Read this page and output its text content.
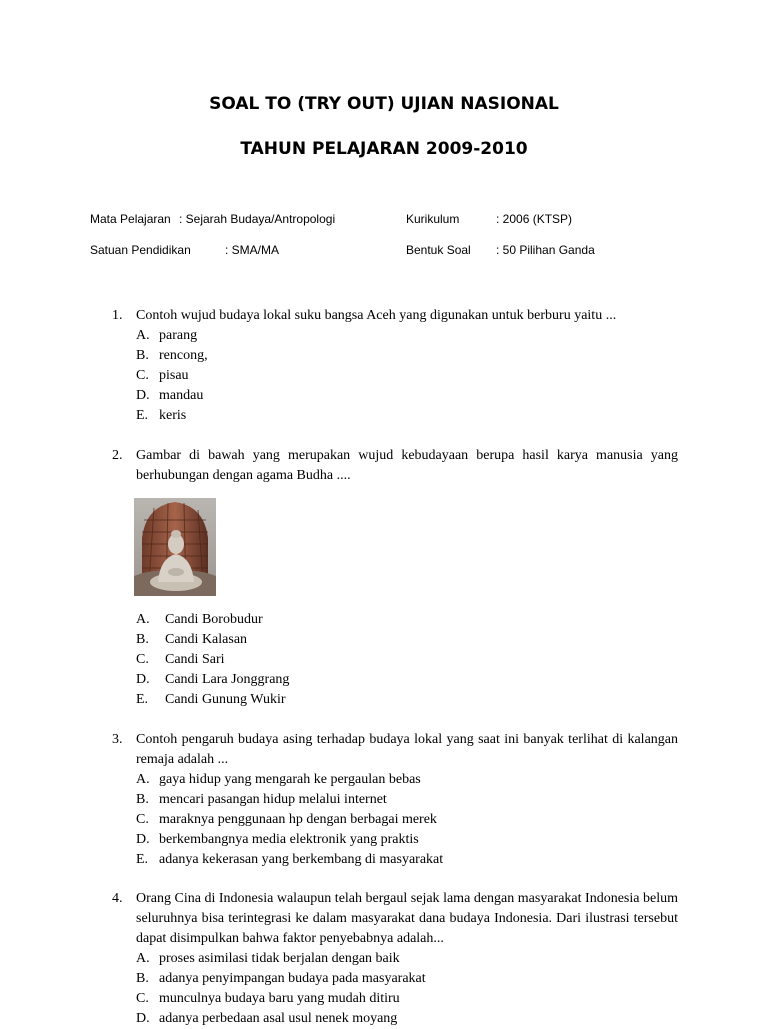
SOAL TO (TRY OUT) UJIAN NASIONAL
TAHUN PELAJARAN 2009-2010
Mata Pelajaran : Sejarah Budaya/Antropologi	Kurikulum	: 2006 (KTSP)
Satuan Pendidikan	: SMA/MA	Bentuk Soal : 50 Pilihan Ganda
1. Contoh wujud budaya lokal suku bangsa Aceh yang digunakan untuk berburu yaitu ...
A. parang
B. rencong,
C. pisau
D. mandau
E. keris
2. Gambar di bawah yang merupakan wujud kebudayaan berupa hasil karya manusia yang berhubungan dengan agama Budha ....
A. Candi Borobudur
B. Candi Kalasan
C. Candi Sari
D. Candi Lara Jonggrang
E. Candi Gunung Wukir
3. Contoh pengaruh budaya asing terhadap budaya lokal yang saat ini banyak terlihat di kalangan remaja adalah ...
A. gaya hidup yang mengarah ke pergaulan bebas
B. mencari pasangan hidup melalui internet
C. maraknya penggunaan hp dengan berbagai merek
D. berkembangnya media elektronik yang praktis
E. adanya kekerasan yang berkembang di masyarakat
4. Orang Cina di Indonesia walaupun telah bergaul sejak lama dengan masyarakat Indonesia belum seluruhnya bisa terintegrasi ke dalam masyarakat dana budaya Indonesia. Dari ilustrasi tersebut dapat disimpulkan bahwa faktor penyebabnya adalah...
A. proses asimilasi tidak berjalan dengan baik
B. adanya penyimpangan budaya pada masyarakat
C. munculnya budaya baru yang mudah ditiru
D. adanya perbedaan asal usul nenek moyang
